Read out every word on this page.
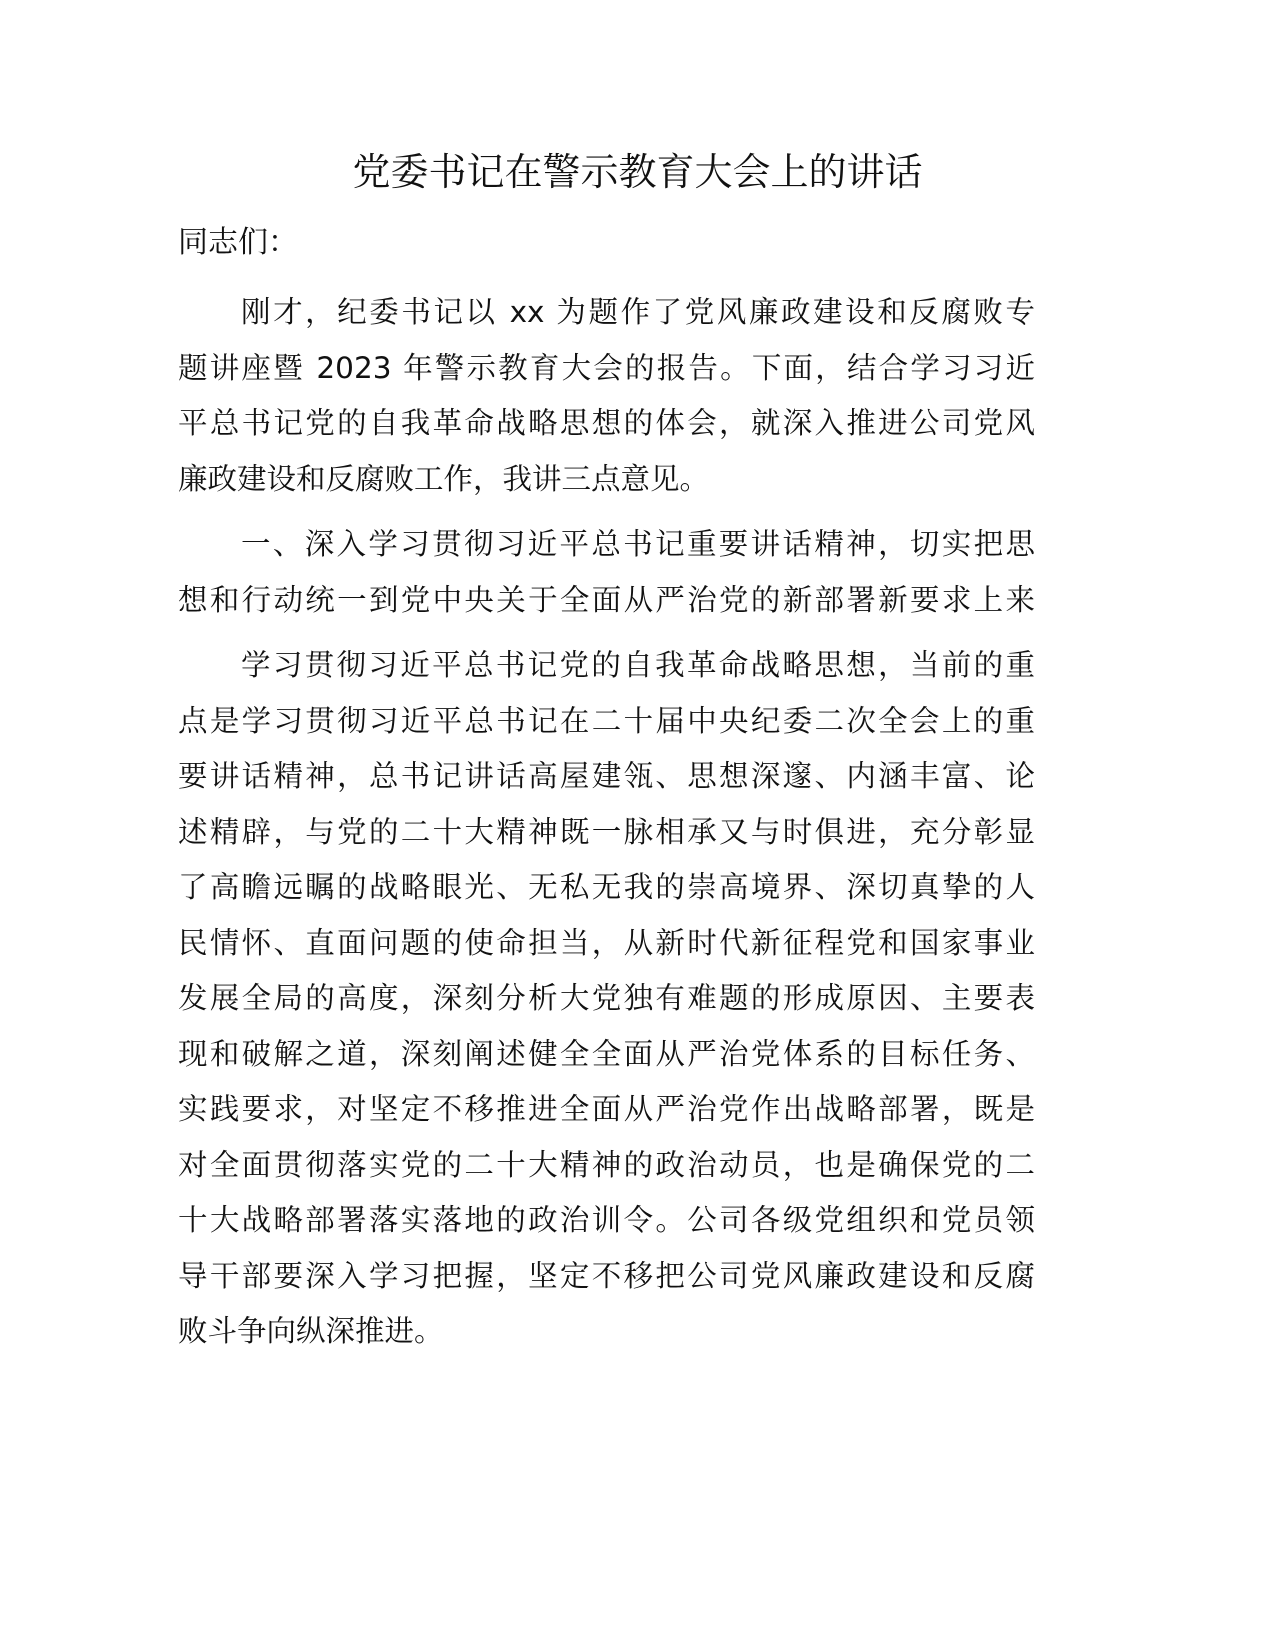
党委书记在警示教育大会上的讲话
同志们：
刚才，纪委书记以 xx 为题作了党风廉政建设和反腐败专
题讲座暨 2023 年警示教育大会的报告。下面，结合学习习近
平总书记党的自我革命战略思想的体会，就深入推进公司党风
廉政建设和反腐败工作，我讲三点意见。
一、深入学习贯彻习近平总书记重要讲话精神，切实把思
想和行动统一到党中央关于全面从严治党的新部署新要求上来
学习贯彻习近平总书记党的自我革命战略思想，当前的重
点是学习贯彻习近平总书记在二十届中央纪委二次全会上的重
要讲话精神，总书记讲话高屋建瓴、思想深邃、内涵丰富、论
述精辟，与党的二十大精神既一脉相承又与时俱进，充分彰显
了高瞻远瞩的战略眼光、无私无我的崇高境界、深切真挚的人
民情怀、直面问题的使命担当，从新时代新征程党和国家事业
发展全局的高度，深刻分析大党独有难题的形成原因、主要表
现和破解之道，深刻阐述健全全面从严治党体系的目标任务、
实践要求，对坚定不移推进全面从严治党作出战略部署，既是
对全面贯彻落实党的二十大精神的政治动员，也是确保党的二
十大战略部署落实落地的政治训令。公司各级党组织和党员领
导干部要深入学习把握，坚定不移把公司党风廉政建设和反腐
败斗争向纵深推进。
